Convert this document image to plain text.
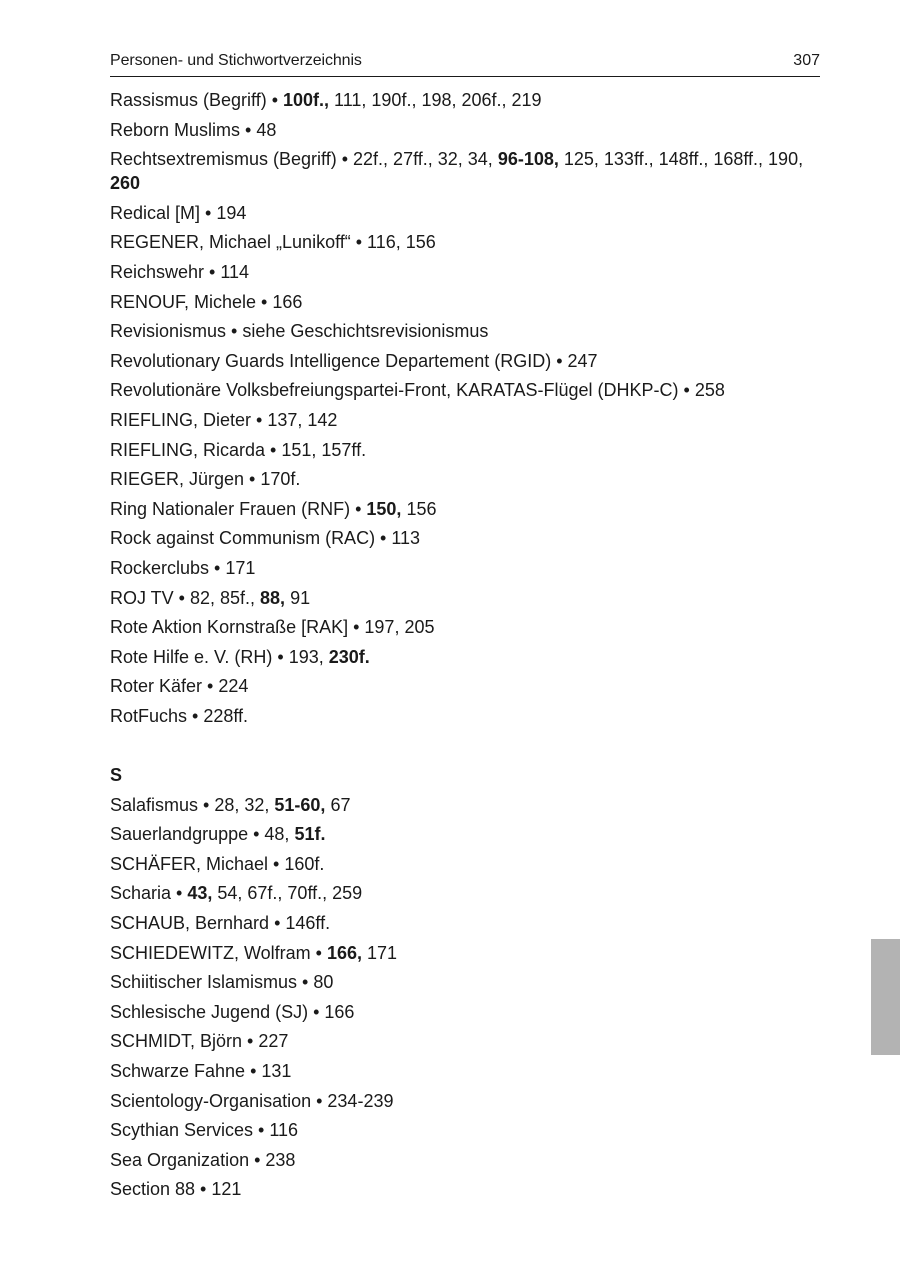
Personen- und Stichwortverzeichnis	307
Rassismus (Begriff) • 100f., 111, 190f., 198, 206f., 219
Reborn Muslims • 48
Rechtsextremismus (Begriff) • 22f., 27ff., 32, 34, 96-108, 125, 133ff., 148ff., 168ff., 190, 260
Redical [M] • 194
REGENER, Michael „Lunikoff“ • 116, 156
Reichswehr • 114
RENOUF, Michele • 166
Revisionismus • siehe Geschichtsrevisionismus
Revolutionary Guards Intelligence Departement (RGID) • 247
Revolutionäre Volksbefreiungspartei-Front, KARATAS-Flügel (DHKP-C) • 258
RIEFLING, Dieter • 137, 142
RIEFLING, Ricarda • 151, 157ff.
RIEGER, Jürgen • 170f.
Ring Nationaler Frauen (RNF) • 150, 156
Rock against Communism (RAC) • 113
Rockerclubs • 171
ROJ TV • 82, 85f., 88, 91
Rote Aktion Kornstraße [RAK] • 197, 205
Rote Hilfe e. V. (RH) • 193, 230f.
Roter Käfer • 224
RotFuchs • 228ff.
S
Salafismus • 28, 32, 51-60, 67
Sauerlandgruppe • 48, 51f.
SCHÄFER, Michael • 160f.
Scharia • 43, 54, 67f., 70ff., 259
SCHAUB, Bernhard • 146ff.
SCHIEDEWITZ, Wolfram • 166, 171
Schiitischer Islamismus • 80
Schlesische Jugend (SJ) • 166
SCHMIDT, Björn • 227
Schwarze Fahne • 131
Scientology-Organisation • 234-239
Scythian Services • 116
Sea Organization • 238
Section 88 • 121
